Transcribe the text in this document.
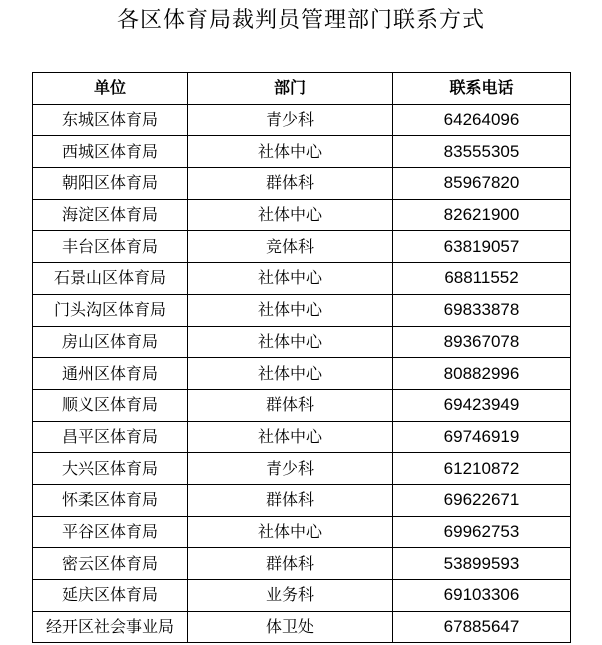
各区体育局裁判员管理部门联系方式
单位	部门	联系电话
东城区体育局	青少科	64264096
西城区体育局	社体中心	83555305
朝阳区体育局	群体科	85967820
海淀区体育局	社体中心	82621900
丰台区体育局	竞体科	63819057
石景山区体育局	社体中心	68811552
门头沟区体育局	社体中心	69833878
房山区体育局	社体中心	89367078
通州区体育局	社体中心	80882996
顺义区体育局	群体科	69423949
昌平区体育局	社体中心	69746919
大兴区体育局	青少科	61210872
怀柔区体育局	群体科	69622671
平谷区体育局	社体中心	69962753
密云区体育局	群体科	53899593
延庆区体育局	业务科	69103306
经开区社会事业局	体卫处	67885647
